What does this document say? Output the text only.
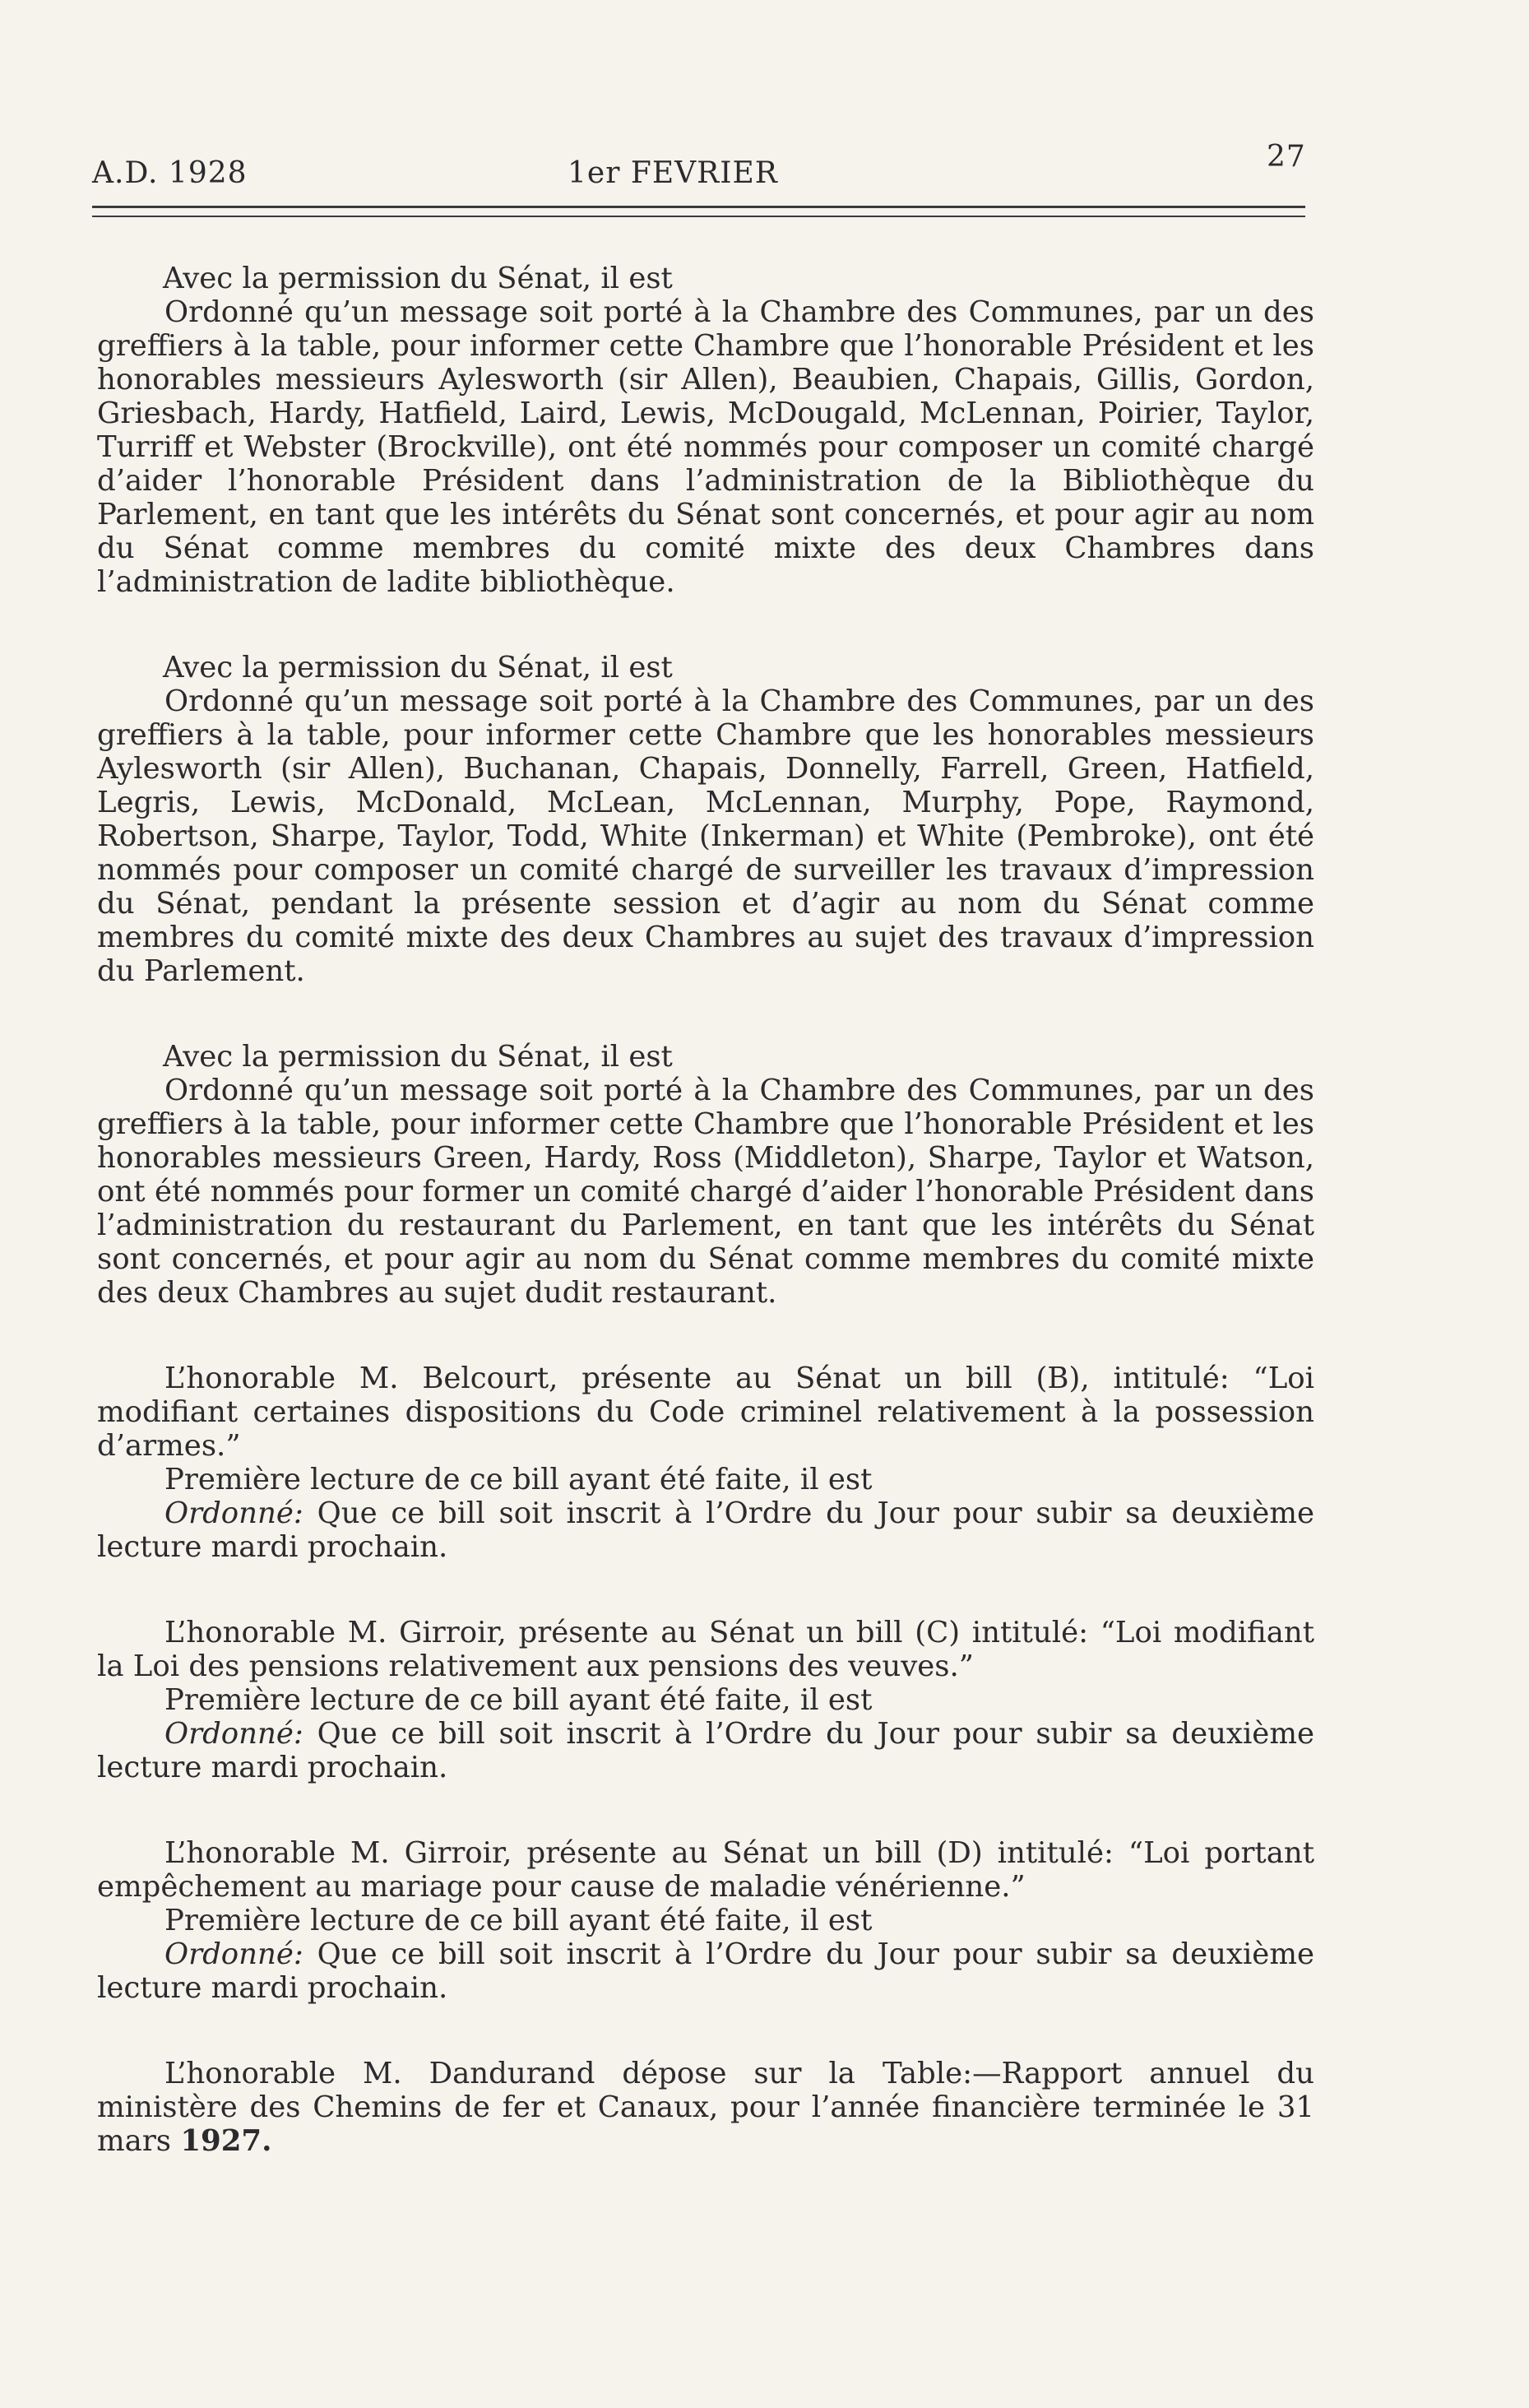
A.D. 1928	1er FEVRIER	27

Avec la permission du Sénat, il est

Ordonné qu’un message soit porté à la Chambre des Communes, par un des greffiers à la table, pour informer cette Chambre que l’honorable Président et les honorables messieurs Aylesworth (sir Allen), Beaubien, Chapais, Gillis, Gordon, Griesbach, Hardy, Hatfield, Laird, Lewis, McDougald, McLennan, Poirier, Taylor, Turriff et Webster (Brockville), ont été nommés pour composer un comité chargé d’aider l’honorable Président dans l’administration de la Bibliothèque du Parlement, en tant que les intérêts du Sénat sont concernés, et pour agir au nom du Sénat comme membres du comité mixte des deux Chambres dans l’administration de ladite bibliothèque.

Avec la permission du Sénat, il est

Ordonné qu’un message soit porté à la Chambre des Communes, par un des greffiers à la table, pour informer cette Chambre que les honorables messieurs Aylesworth (sir Allen), Buchanan, Chapais, Donnelly, Farrell, Green, Hatfield, Legris, Lewis, McDonald, McLean, McLennan, Murphy, Pope, Raymond, Robertson, Sharpe, Taylor, Todd, White (Inkerman) et White (Pembroke), ont été nommés pour composer un comité chargé de surveiller les travaux d’impression du Sénat, pendant la présente session et d’agir au nom du Sénat comme membres du comité mixte des deux Chambres au sujet des travaux d’impression du Parlement.

Avec la permission du Sénat, il est

Ordonné qu’un message soit porté à la Chambre des Communes, par un des greffiers à la table, pour informer cette Chambre que l’honorable Président et les honorables messieurs Green, Hardy, Ross (Middleton), Sharpe, Taylor et Watson, ont été nommés pour former un comité chargé d’aider l’honorable Président dans l’administration du restaurant du Parlement, en tant que les intérêts du Sénat sont concernés, et pour agir au nom du Sénat comme membres du comité mixte des deux Chambres au sujet dudit restaurant.

L’honorable M. Belcourt, présente au Sénat un bill (B), intitulé: “Loi modifiant certaines dispositions du Code criminel relativement à la possession d’armes.”

Première lecture de ce bill ayant été faite, il est

Ordonné: Que ce bill soit inscrit à l’Ordre du Jour pour subir sa deuxième lecture mardi prochain.

L’honorable M. Girroir, présente au Sénat un bill (C) intitulé: “Loi modifiant la Loi des pensions relativement aux pensions des veuves.”

Première lecture de ce bill ayant été faite, il est

Ordonné: Que ce bill soit inscrit à l’Ordre du Jour pour subir sa deuxième lecture mardi prochain.

L’honorable M. Girroir, présente au Sénat un bill (D) intitulé: “Loi portant empêchement au mariage pour cause de maladie vénérienne.”

Première lecture de ce bill ayant été faite, il est

Ordonné: Que ce bill soit inscrit à l’Ordre du Jour pour subir sa deuxième lecture mardi prochain.

L’honorable M. Dandurand dépose sur la Table:—Rapport annuel du ministère des Chemins de fer et Canaux, pour l’année financière terminée le 31 mars 1927.
